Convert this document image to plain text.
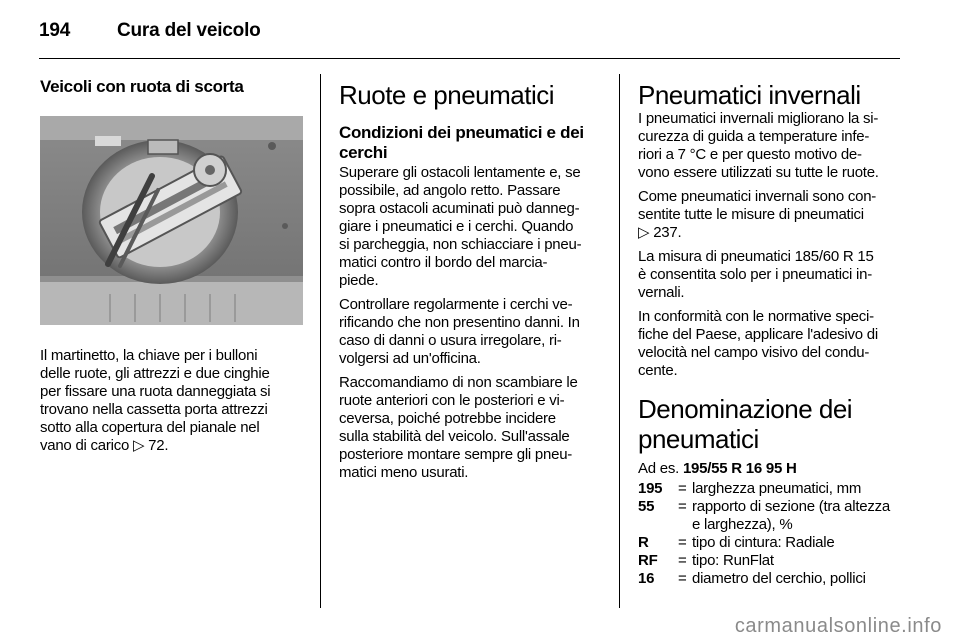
194 Cura del veicolo
Veicoli con ruota di scorta
Il martinetto, la chiave per i bulloni
delle ruote, gli attrezzi e due cinghie
per fissare una ruota danneggiata si
trovano nella cassetta porta attrezzi
sotto alla copertura del pianale nel
vano di carico ▷ 72.
Ruote e pneumatici
Condizioni dei pneumatici e dei
cerchi

Superare gli ostacoli lentamente e, se
possibile, ad angolo retto. Passare
sopra ostacoli acuminati può danneg-
giare i pneumatici e i cerchi. Quando
si parcheggia, non schiacciare i pneu-
matici contro il bordo del marcia-
piede.

Controllare regolarmente i cerchi ve-
rificando che non presentino danni. In
caso di danni o usura irregolare, ri-
volgersi ad un'officina.

Raccomandiamo di non scambiare le
ruote anteriori con le posteriori e vi-
ceversa, poiché potrebbe incidere
sulla stabilità del veicolo. Sull'assale
posteriore montare sempre gli pneu-
matici meno usurati.

Pneumatici invernali

I pneumatici invernali migliorano la si-
curezza di guida a temperature infe-
riori a 7 °C e per questo motivo de-
vono essere utilizzati su tutte le ruote.

Come pneumatici invernali sono con-
sentite tutte le misure di pneumatici
▷ 237.

La misura di pneumatici 185/60 R 15
è consentita solo per i pneumatici in-
vernali.

In conformità con le normative speci-
fiche del Paese, applicare l'adesivo di
velocità nel campo visivo del condu-
cente.

Denominazione dei
pneumatici
Ad es. 195/55 R 16 95 H
195	= larghezza pneumatici, mm
55	= rapporto di sezione (tra altezza
e larghezza), %
R	= tipo di cintura: Radiale
RF	= tipo: RunFlat
16	= diametro del cerchio, pollici
carmanualsonline.info
